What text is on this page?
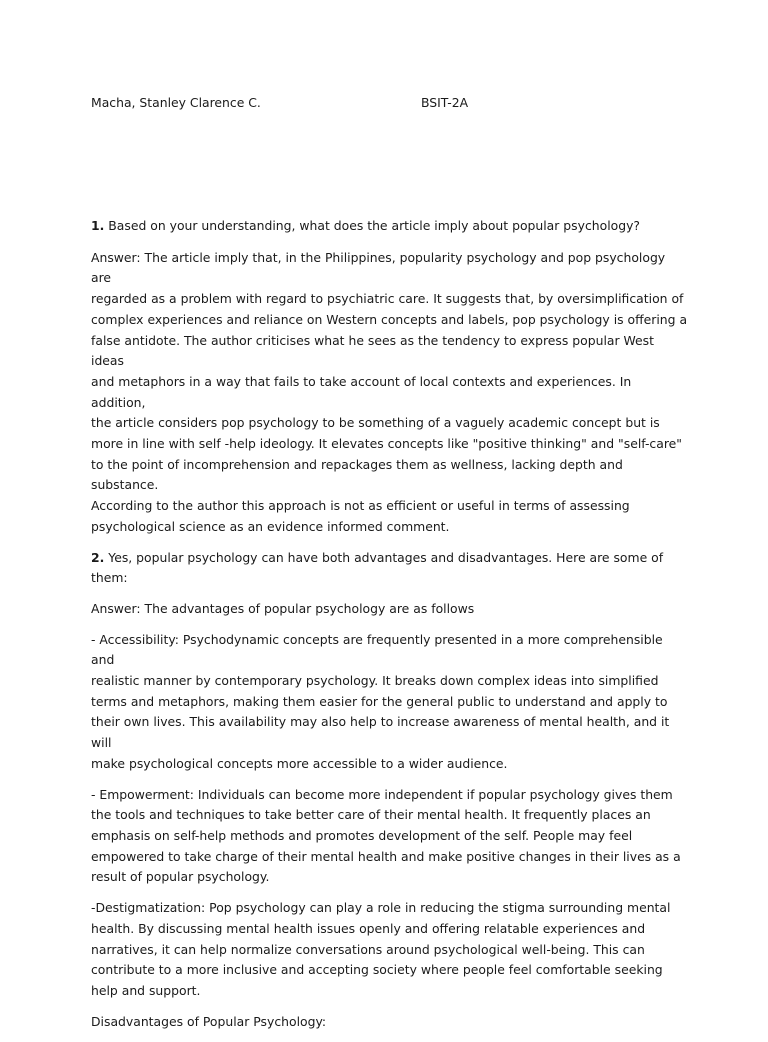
Macha, Stanley Clarence C.	BSIT-2A

1. Based on your understanding, what does the article imply about popular psychology?

Answer: The article imply that, in the Philippines, popularity psychology and pop psychology are
regarded as a problem with regard to psychiatric care. It suggests that, by oversimplification of
complex experiences and reliance on Western concepts and labels, pop psychology is offering a
false antidote. The author criticises what he sees as the tendency to express popular West ideas
and metaphors in a way that fails to take account of local contexts and experiences. In addition,
the article considers pop psychology to be something of a vaguely academic concept but is
more in line with self -help ideology. It elevates concepts like "positive thinking" and "self-care"
to the point of incomprehension and repackages them as wellness, lacking depth and substance.
According to the author this approach is not as efficient or useful in terms of assessing
psychological science as an evidence informed comment.

2. Yes, popular psychology can have both advantages and disadvantages. Here are some of
them:

Answer: The advantages of popular psychology are as follows

- Accessibility: Psychodynamic concepts are frequently presented in a more comprehensible and
realistic manner by contemporary psychology. It breaks down complex ideas into simplified
terms and metaphors, making them easier for the general public to understand and apply to
their own lives. This availability may also help to increase awareness of mental health, and it will
make psychological concepts more accessible to a wider audience.

- Empowerment: Individuals can become more independent if popular psychology gives them
the tools and techniques to take better care of their mental health. It frequently places an
emphasis on self-help methods and promotes development of the self. People may feel
empowered to take charge of their mental health and make positive changes in their lives as a
result of popular psychology.

-Destigmatization: Pop psychology can play a role in reducing the stigma surrounding mental
health. By discussing mental health issues openly and offering relatable experiences and
narratives, it can help normalize conversations around psychological well-being. This can
contribute to a more inclusive and accepting society where people feel comfortable seeking
help and support.

Disadvantages of Popular Psychology:
